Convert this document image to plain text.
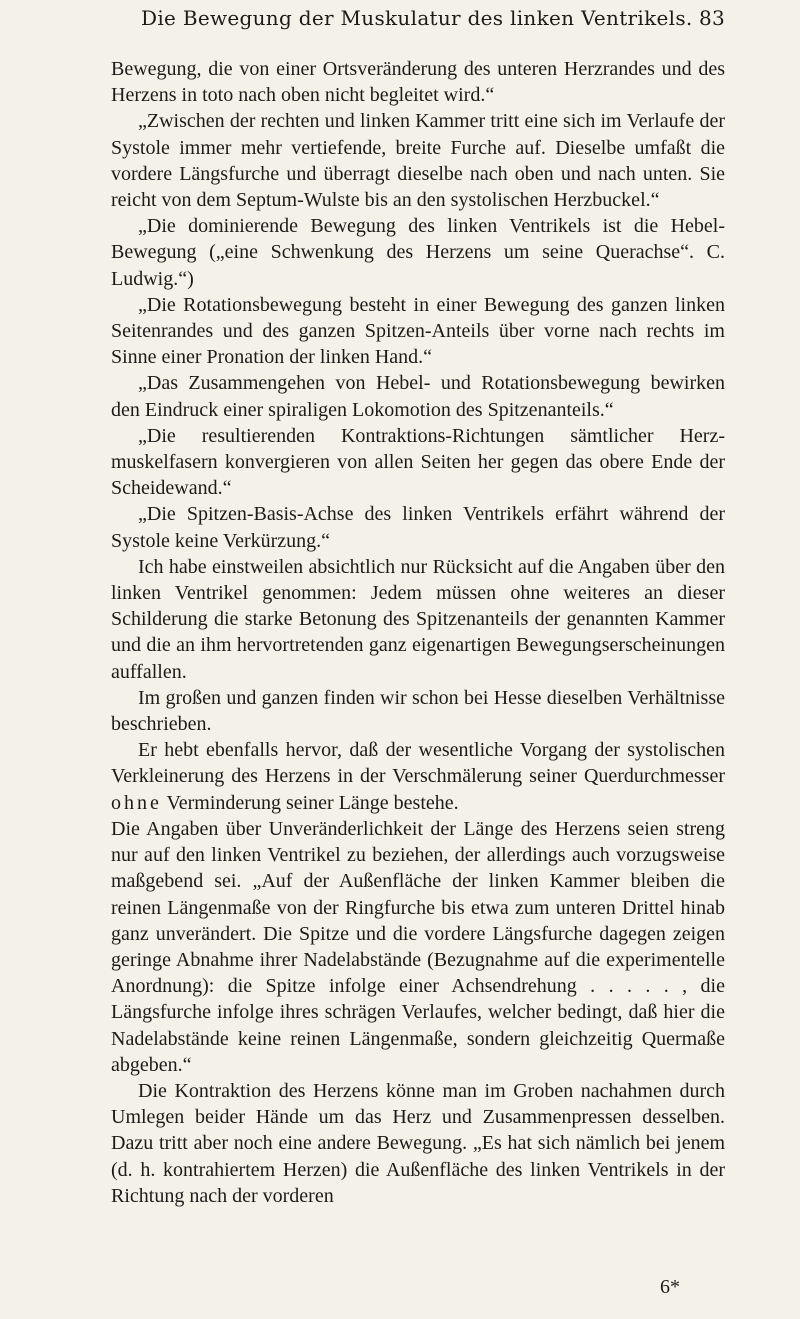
Die Bewegung der Muskulatur des linken Ventrikels. 83

Bewegung, die von einer Ortsveränderung des unteren Herzrandes und des Herzens in toto nach oben nicht begleitet wird.“

„Zwischen der rechten und linken Kammer tritt eine sich im Verlaufe der Systole immer mehr vertiefende, breite Furche auf. Dieselbe umfaßt die vordere Längsfurche und überragt dieselbe nach oben und nach unten. Sie reicht von dem Septum-Wulste bis an den systolischen Herzbuckel.“

„Die dominierende Bewegung des linken Ventrikels ist die Hebel-Bewegung („eine Schwenkung des Herzens um seine Querachse“. C. Ludwig.“)

„Die Rotationsbewegung besteht in einer Bewegung des ganzen linken Seitenrandes und des ganzen Spitzen-Anteils über vorne nach rechts im Sinne einer Pronation der linken Hand.“

„Das Zusammengehen von Hebel- und Rotationsbewegung bewirken den Eindruck einer spiraligen Lokomotion des Spitzenanteils.“

„Die resultierenden Kontraktions-Richtungen sämtlicher Herzmuskelfasern konvergieren von allen Seiten her gegen das obere Ende der Scheidewand.“

„Die Spitzen-Basis-Achse des linken Ventrikels erfährt während der Systole keine Verkürzung.“

Ich habe einstweilen absichtlich nur Rücksicht auf die Angaben über den linken Ventrikel genommen: Jedem müssen ohne weiteres an dieser Schilderung die starke Betonung des Spitzenanteils der genannten Kammer und die an ihm hervortretenden ganz eigenartigen Bewegungserscheinungen auffallen.

Im großen und ganzen finden wir schon bei Hesse dieselben Verhältnisse beschrieben.

Er hebt ebenfalls hervor, daß der wesentliche Vorgang der systolischen Verkleinerung des Herzens in der Verschmälerung seiner Querdurchmesser ohne Verminderung seiner Länge bestehe.

Die Angaben über Unveränderlichkeit der Länge des Herzens seien streng nur auf den linken Ventrikel zu beziehen, der allerdings auch vorzugsweise maßgebend sei. „Auf der Außenfläche der linken Kammer bleiben die reinen Längenmaße von der Ringfurche bis etwa zum unteren Drittel hinab ganz unverändert. Die Spitze und die vordere Längsfurche dagegen zeigen geringe Abnahme ihrer Nadelabstände (Bezugnahme auf die experimentelle Anordnung): die Spitze infolge einer Achsendrehung . . . . . , die Längsfurche infolge ihres schrägen Verlaufes, welcher bedingt, daß hier die Nadelabstände keine reinen Längenmaße, sondern gleichzeitig Quermaße abgeben.“

Die Kontraktion des Herzens könne man im Groben nachahmen durch Umlegen beider Hände um das Herz und Zusammenpressen desselben. Dazu tritt aber noch eine andere Bewegung. „Es hat sich nämlich bei jenem (d. h. kontrahiertem Herzen) die Außenfläche des linken Ventrikels in der Richtung nach der vorderen

6*
